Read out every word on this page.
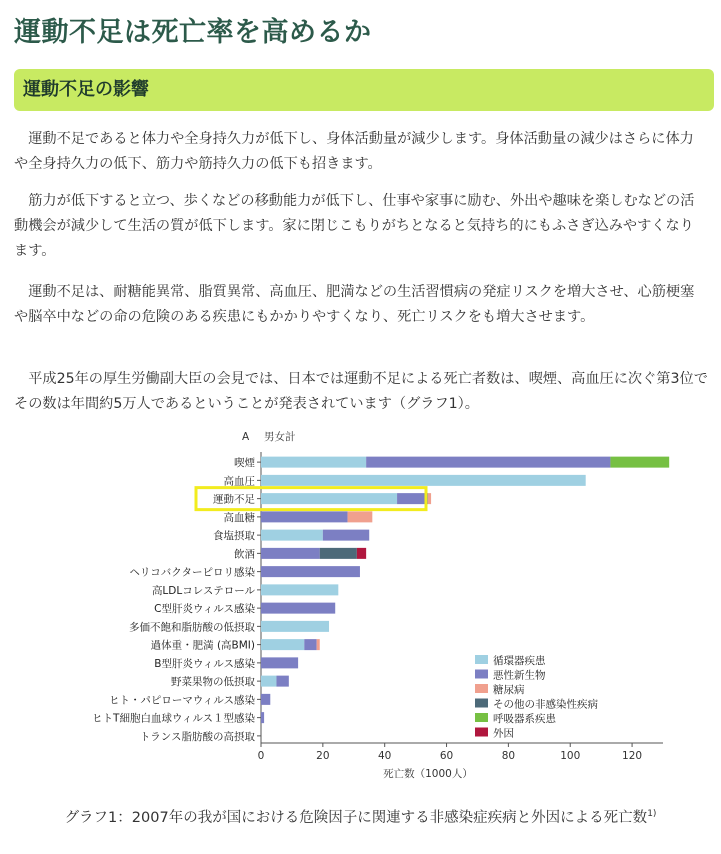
運動不足は死亡率を高めるか
運動不足の影響

運動不足であると体力や全身持久力が低下し、身体活動量が減少します。身体活動量の減少はさらに体力や全身持久力の低下、筋力や筋持久力の低下も招きます。

筋力が低下すると立つ、歩くなどの移動能力が低下し、仕事や家事に励む、外出や趣味を楽しむなどの活動機会が減少して生活の質が低下します。家に閉じこもりがちとなると気持ち的にもふさぎ込みやすくなります。

運動不足は、耐糖能異常、脂質異常、高血圧、肥満などの生活習慣病の発症リスクを増大させ、心筋梗塞や脳卒中などの命の危険のある疾患にもかかりやすくなり、死亡リスクをも増大させます。

平成25年の厚生労働副大臣の会見では、日本では運動不足による死亡者数は、喫煙、高血圧に次ぐ第3位でその数は年間約5万人であるということが発表されています（グラフ1）。

A 男女計
死亡数（1000人）
0	20	40	60	80	100	120
喫煙
高血圧
運動不足
高血糖
食塩摂取
飲酒
ヘリコバクターピロリ感染
高LDLコレステロール
C型肝炎ウィルス感染
多価不飽和脂肪酸の低摂取
過体重・肥満 (高BMI)
B型肝炎ウィルス感染
野菜果物の低摂取
ヒト・パピローマウィルス感染
ヒトT細胞白血球ウィルス１型感染
トランス脂肪酸の高摂取
循環器疾患
悪性新生物
糖尿病
その他の非感染性疾病
呼吸器系疾患
外因
グラフ1：2007年の我が国における危険因子に関連する非感染症疾病と外因による死亡数$^{1)}$
